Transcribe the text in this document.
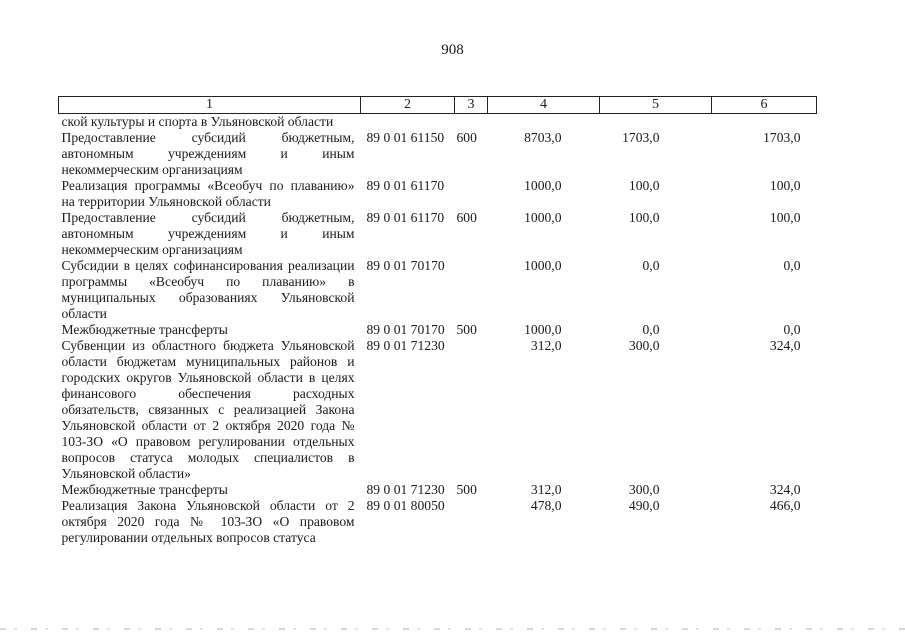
908
1	2	3	4	5	6
ской культуры и спорта в Ульяновской области					
Предоставление субсидий бюджетным, автономным учреждениям и иным некоммерческим организациям	89 0 01 61150	600	8703,0	1703,0	1703,0
Реализация программы «Всеобуч по плаванию» на территории Ульяновской области	89 0 01 61170		1000,0	100,0	100,0
Предоставление субсидий бюджетным, автономным учреждениям и иным некоммерческим организациям	89 0 01 61170	600	1000,0	100,0	100,0
Субсидии в целях софинансирования реализации программы «Всеобуч по плаванию» в муниципальных образованиях Ульяновской области	89 0 01 70170		1000,0	0,0	0,0
Межбюджетные трансферты	89 0 01 70170	500	1000,0	0,0	0,0
Субвенции из областного бюджета Ульяновской области бюджетам муниципальных районов и городских округов Ульяновской области в целях финансового обеспечения расходных обязательств, связанных с реализацией Закона Ульяновской области от 2 октября 2020 года № 103-ЗО «О правовом регулировании отдельных вопросов статуса молодых специалистов в Ульяновской области»	89 0 01 71230		312,0	300,0	324,0
Межбюджетные трансферты	89 0 01 71230	500	312,0	300,0	324,0
Реализация Закона Ульяновской области от 2 октября 2020 года № 103-ЗО «О правовом регулировании отдельных вопросов статуса	89 0 01 80050		478,0	490,0	466,0
